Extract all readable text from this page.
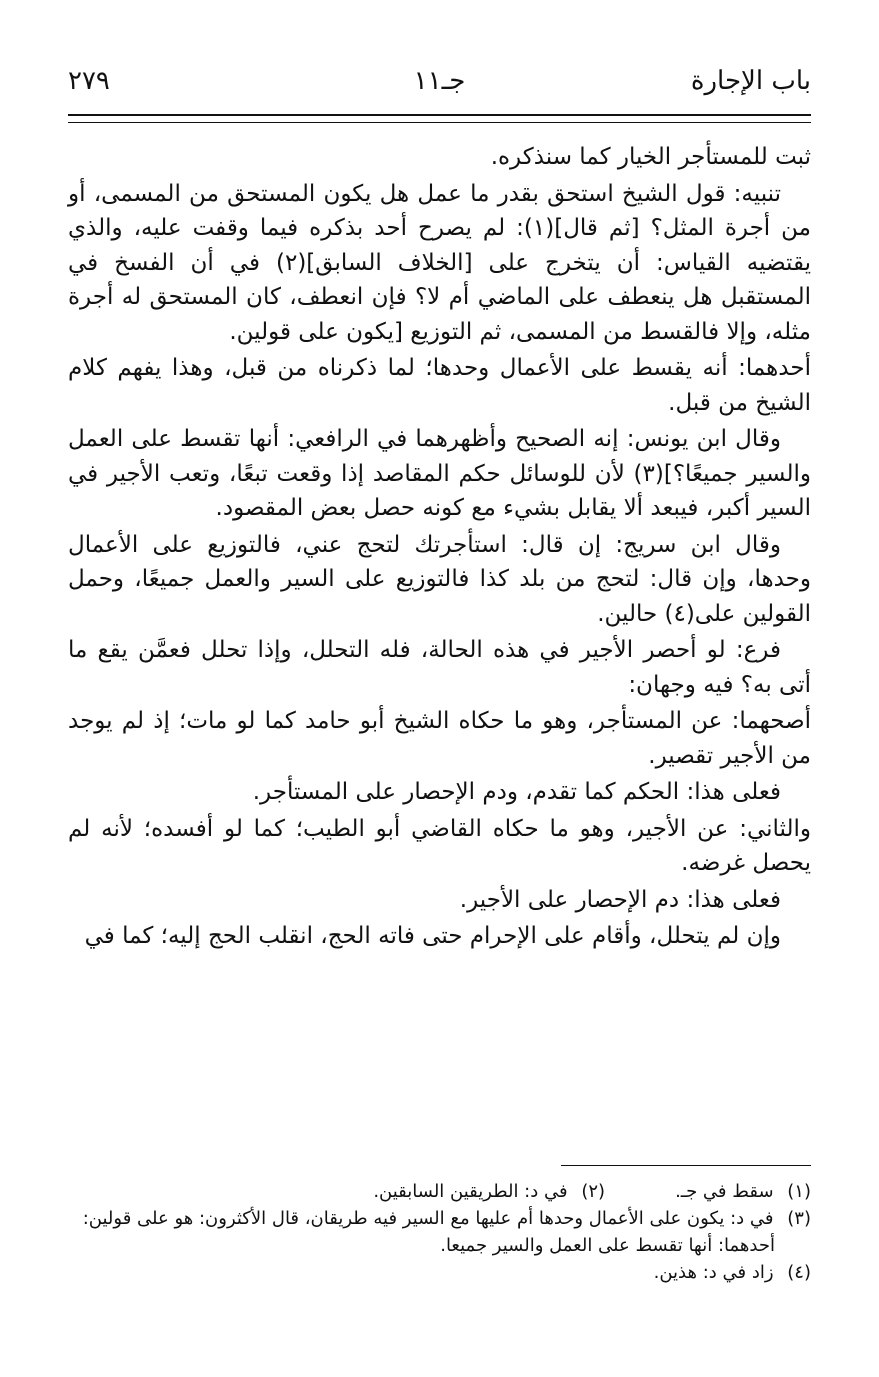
باب الإجارة
جـ١١
٢٧٩

ثبت للمستأجر الخيار كما سنذكره.

تنبيه: قول الشيخ استحق بقدر ما عمل هل يكون المستحق من المسمى، أو من أجرة المثل؟ [ثم قال](١): لم يصرح أحد بذكره فيما وقفت عليه، والذي يقتضيه القياس: أن يتخرج على [الخلاف السابق](٢) في أن الفسخ في المستقبل هل ينعطف على الماضي أم لا؟ فإن انعطف، كان المستحق له أجرة مثله، وإلا فالقسط من المسمى، ثم التوزيع [يكون على قولين.

أحدهما: أنه يقسط على الأعمال وحدها؛ لما ذكرناه من قبل، وهذا يفهم كلام الشيخ من قبل.

وقال ابن يونس: إنه الصحيح وأظهرهما في الرافعي: أنها تقسط على العمل والسير جميعًا؟](٣) لأن للوسائل حكم المقاصد إذا وقعت تبعًا، وتعب الأجير في السير أكبر، فيبعد ألا يقابل بشيء مع كونه حصل بعض المقصود.

وقال ابن سريج: إن قال: استأجرتك لتحج عني، فالتوزيع على الأعمال وحدها، وإن قال: لتحج من بلد كذا فالتوزيع على السير والعمل جميعًا، وحمل القولين على(٤) حالين.

فرع: لو أحصر الأجير في هذه الحالة، فله التحلل، وإذا تحلل فعمَّن يقع ما أتى به؟ فيه وجهان:

أصحهما: عن المستأجر، وهو ما حكاه الشيخ أبو حامد كما لو مات؛ إذ لم يوجد من الأجير تقصير.

فعلى هذا: الحكم كما تقدم، ودم الإحصار على المستأجر.

والثاني: عن الأجير، وهو ما حكاه القاضي أبو الطيب؛ كما لو أفسده؛ لأنه لم يحصل غرضه.

فعلى هذا: دم الإحصار على الأجير.

وإن لم يتحلل، وأقام على الإحرام حتى فاته الحج، انقلب الحج إليه؛ كما في

(١) سقط في جـ.
(٢) في د: الطريقين السابقين.

(٣) في د: يكون على الأعمال وحدها أم عليها مع السير فيه طريقان، قال الأكثرون: هو على قولين:

أحدهما: أنها تقسط على العمل والسير جميعا.

(٤) زاد في د: هذين.
